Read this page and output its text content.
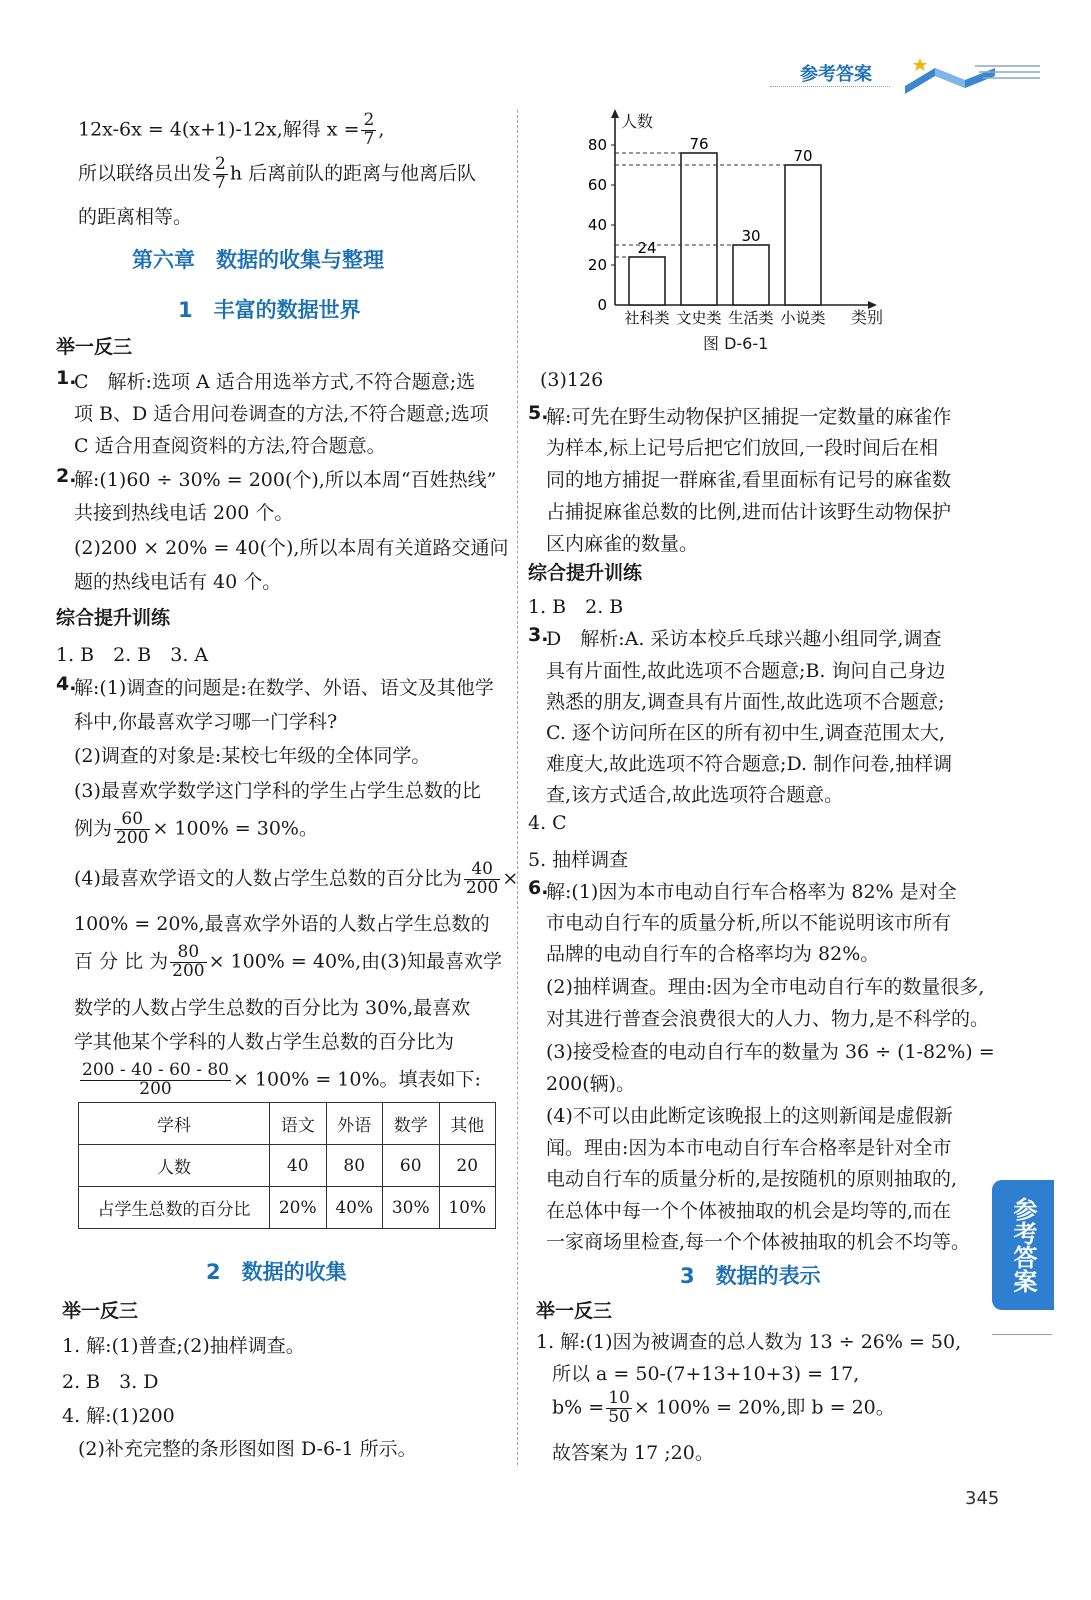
参考答案
12x-6x = 4(x+1)-12x,解得 $x = \frac{2}{7}$ ,
所以联络员出发 $\frac{2}{7}$ h 后离前队的距离与他离后队
的距离相等。
第六章　数据的收集与整理
1　丰富的数据世界
举一反三
1.
C　解析:选项 A 适合用选举方式,不符合题意;选
项 B、D 适合用问卷调查的方法,不符合题意;选项
C 适合用查阅资料的方法,符合题意。
2.
解:(1)60 ÷ 30% = 200(个),所以本周“百姓热线”
共接到热线电话 200 个。
(2)200 × 20% = 40(个),所以本周有关道路交通问
题的热线电话有 40 个。
综合提升训练
1. B　2. B　3. A
4.
解:(1)调查的问题是:在数学、外语、语文及其他学
科中,你最喜欢学习哪一门学科?
(2)调查的对象是:某校七年级的全体同学。
(3)最喜欢学数学这门学科的学生占学生总数的比
例为 $\frac{60}{200} \times 100\% = 30\%$。
(4)最喜欢学语文的人数占学生总数的百分比为 $\frac{40}{200}$ ×
100% = 20%,最喜欢学外语的人数占学生总数的
百 分 比 为 $\frac{80}{200} \times 100\% = 40\%$,由(3)知最喜欢学
数学的人数占学生总数的百分比为 30%,最喜欢
学其他某个学科的人数占学生总数的百分比为
$\frac{200 - 40 - 60 - 80}{200} \times 100\% = 10\%$。填表如下:
学科	语文	外语	数学	其他
人数	40	80	60	20
占学生总数的百分比	20%	40%	30%	10%
2　数据的收集
举一反三
1. 解:(1)普查;(2)抽样调查。
2. B　3. D
4. 解:(1)200
(2)补充完整的条形图如图 D-6-1 所示。
人数
类别
0
20
40
60
80
24
社科类
76
文史类
30
生活类
70
小说类
图 D-6-1
(3)126
5.
解:可先在野生动物保护区捕捉一定数量的麻雀作
为样本,标上记号后把它们放回,一段时间后在相
同的地方捕捉一群麻雀,看里面标有记号的麻雀数
占捕捉麻雀总数的比例,进而估计该野生动物保护
区内麻雀的数量。
综合提升训练
1. B　2. B
3.
D　解析:A. 采访本校乒乓球兴趣小组同学,调查
具有片面性,故此选项不合题意;B. 询问自己身边
熟悉的朋友,调查具有片面性,故此选项不合题意;
C. 逐个访问所在区的所有初中生,调查范围太大,
难度大,故此选项不符合题意;D. 制作问卷,抽样调
查,该方式适合,故此选项符合题意。
4. C
5. 抽样调查
6.
解:(1)因为本市电动自行车合格率为 82% 是对全
市电动自行车的质量分析,所以不能说明该市所有
品牌的电动自行车的合格率均为 82%。
(2)抽样调查。理由:因为全市电动自行车的数量很多,
对其进行普查会浪费很大的人力、物力,是不科学的。
(3)接受检查的电动自行车的数量为 36 ÷ (1-82%) =
200(辆)。
(4)不可以由此断定该晚报上的这则新闻是虚假新
闻。理由:因为本市电动自行车合格率是针对全市
电动自行车的质量分析的,是按随机的原则抽取的,
在总体中每一个个体被抽取的机会是均等的,而在
一家商场里检查,每一个个体被抽取的机会不均等。
3　数据的表示
举一反三
1. 解:(1)因为被调查的总人数为 13 ÷ 26% = 50,
所以 a = 50-(7+13+10+3) = 17,
$b\% = \frac{10}{50} \times 100\% = 20\%$,即 b = 20。
故答案为 17 ;20。
参考答案
345
